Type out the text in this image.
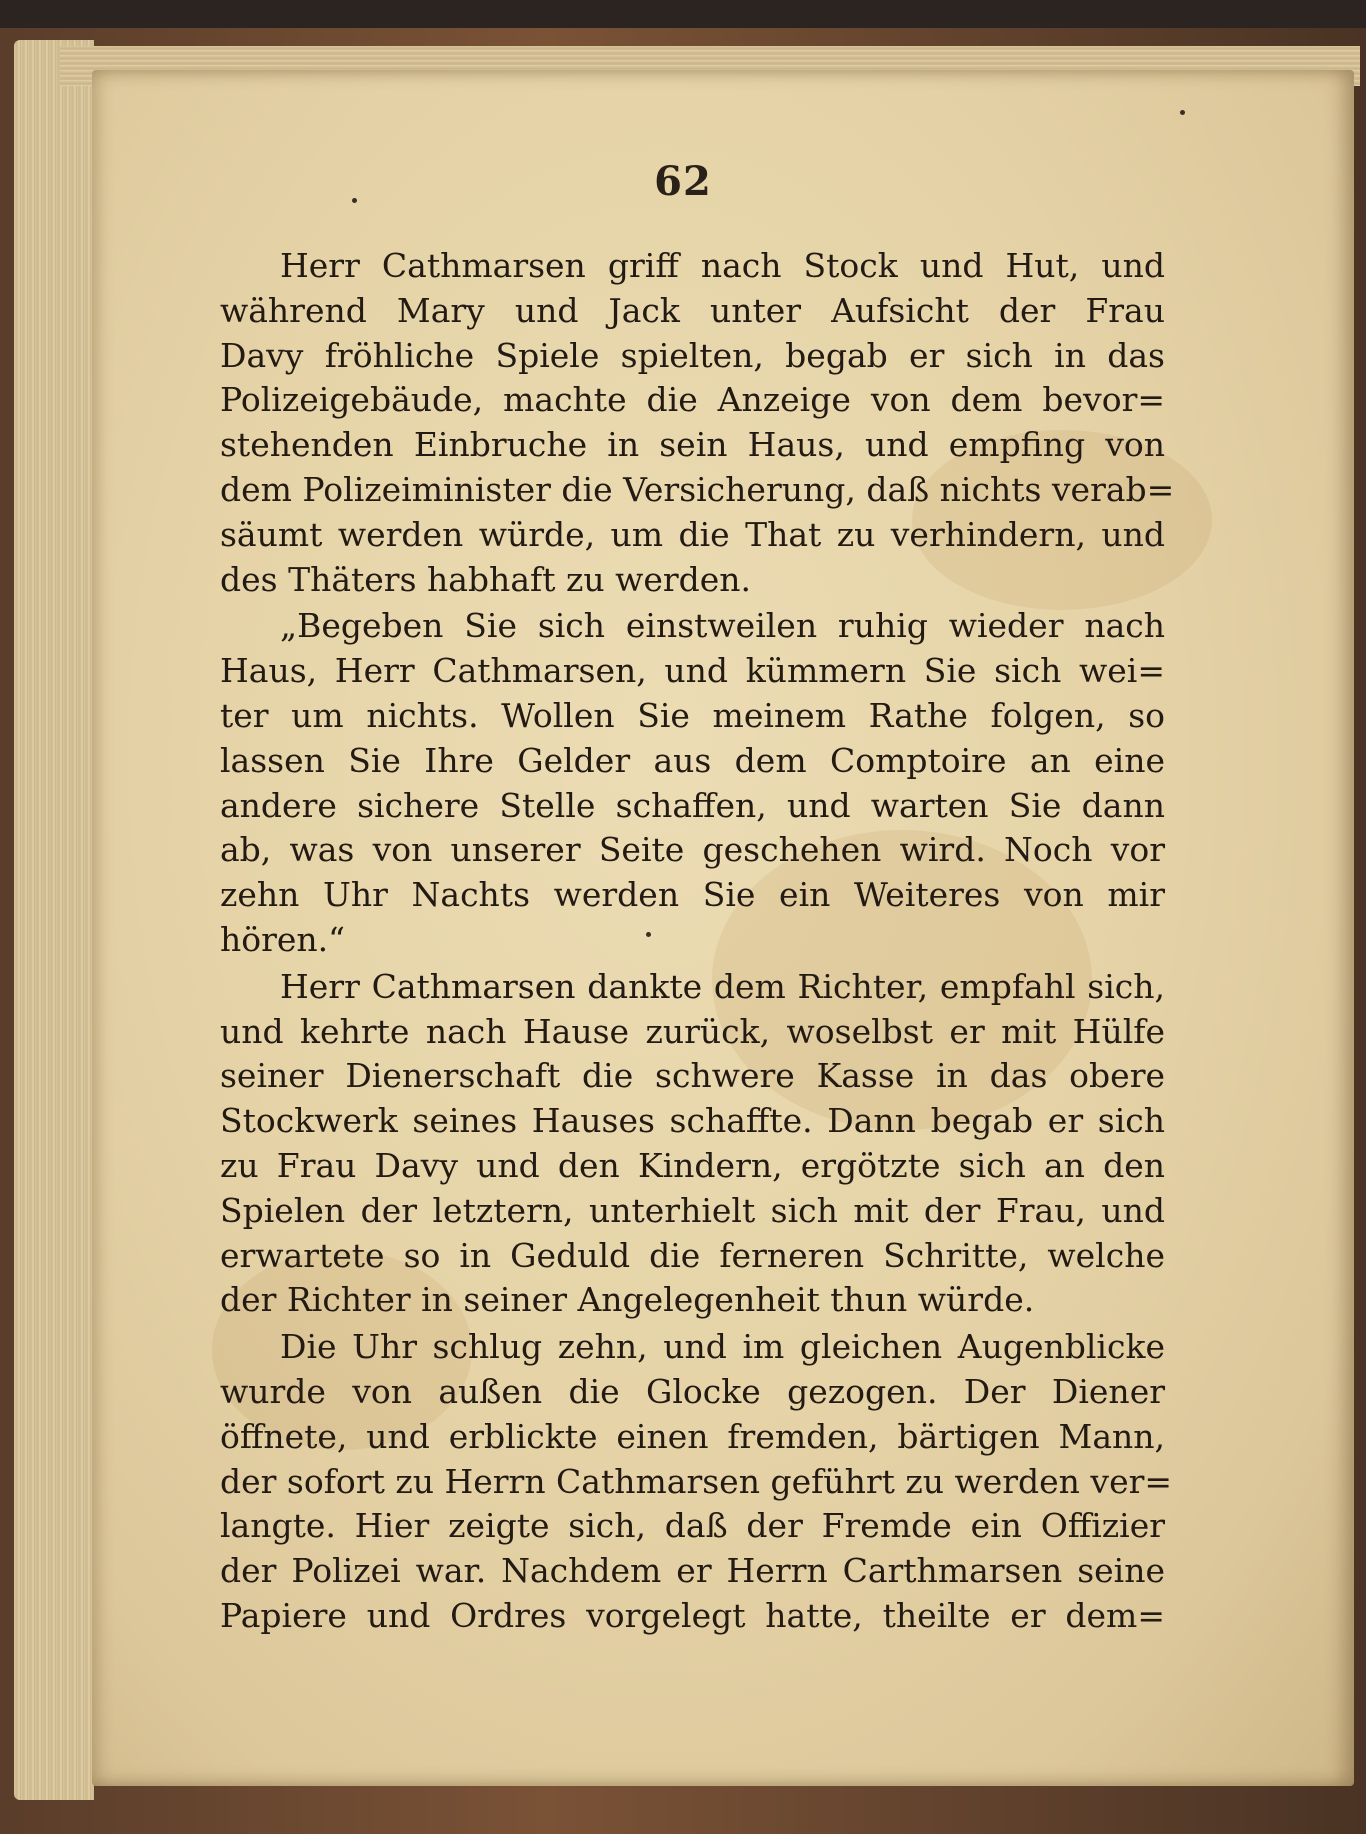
62
Herr Cathmarsen griff nach Stock und Hut, und
während Mary und Jack unter Aufsicht der Frau
Davy fröhliche Spiele spielten, begab er sich in das
Polizeigebäude, machte die Anzeige von dem bevor=
stehenden Einbruche in sein Haus, und empfing von
dem Polizeiminister die Versicherung, daß nichts verab=
säumt werden würde, um die That zu verhindern, und
des Thäters habhaft zu werden.
„Begeben Sie sich einstweilen ruhig wieder nach
Haus, Herr Cathmarsen, und kümmern Sie sich wei=
ter um nichts. Wollen Sie meinem Rathe folgen, so
lassen Sie Ihre Gelder aus dem Comptoire an eine
andere sichere Stelle schaffen, und warten Sie dann
ab, was von unserer Seite geschehen wird. Noch vor
zehn Uhr Nachts werden Sie ein Weiteres von mir
hören.“
Herr Cathmarsen dankte dem Richter, empfahl sich,
und kehrte nach Hause zurück, woselbst er mit Hülfe
seiner Dienerschaft die schwere Kasse in das obere
Stockwerk seines Hauses schaffte. Dann begab er sich
zu Frau Davy und den Kindern, ergötzte sich an den
Spielen der letztern, unterhielt sich mit der Frau, und
erwartete so in Geduld die ferneren Schritte, welche
der Richter in seiner Angelegenheit thun würde.
Die Uhr schlug zehn, und im gleichen Augenblicke
wurde von außen die Glocke gezogen. Der Diener
öffnete, und erblickte einen fremden, bärtigen Mann,
der sofort zu Herrn Cathmarsen geführt zu werden ver=
langte. Hier zeigte sich, daß der Fremde ein Offizier
der Polizei war. Nachdem er Herrn Carthmarsen seine
Papiere und Ordres vorgelegt hatte, theilte er dem=
